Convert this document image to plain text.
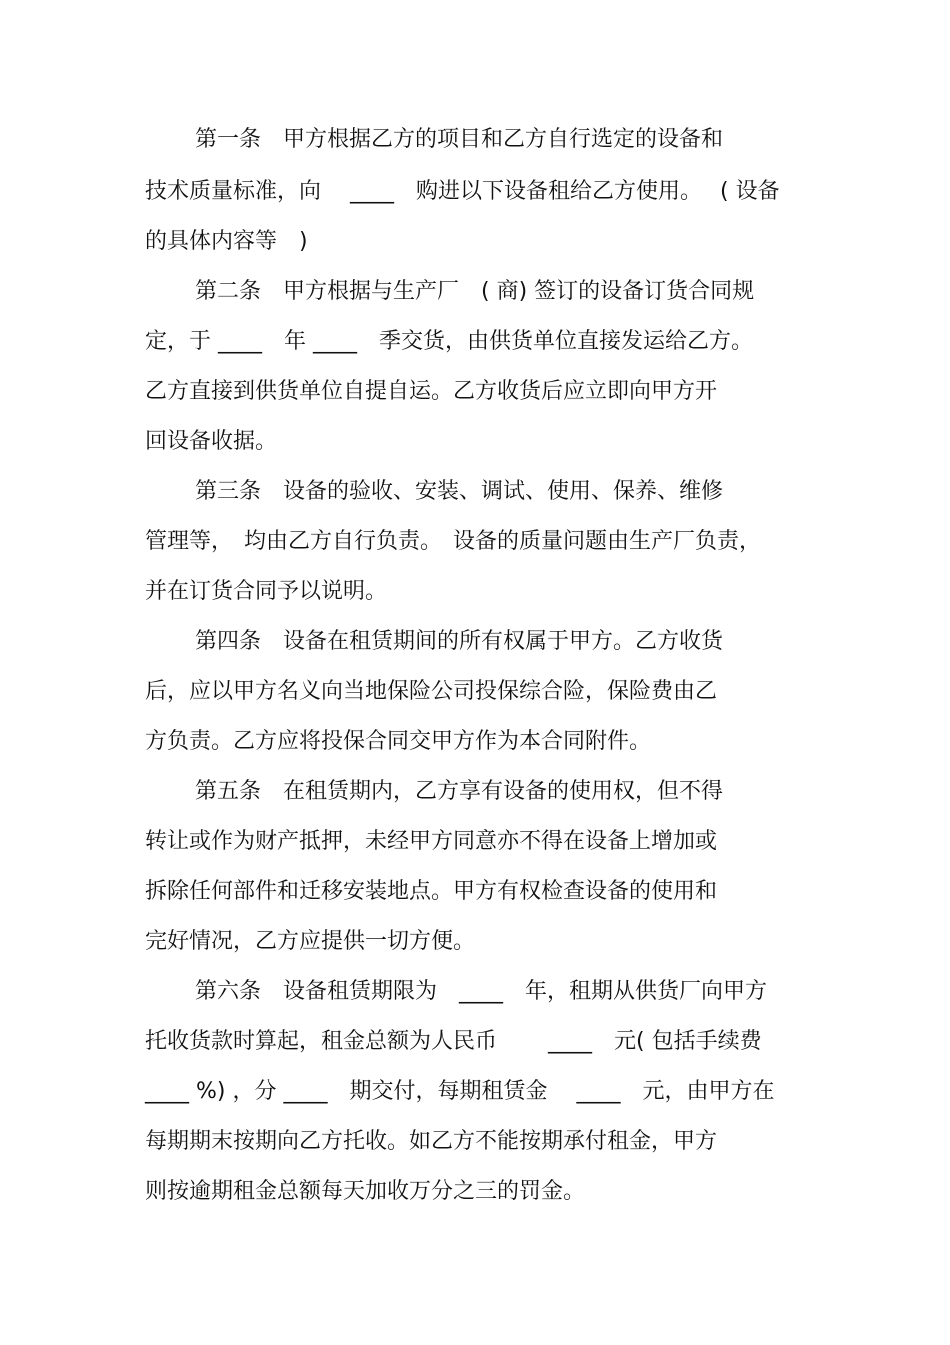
第一条　甲方根据乙方的项目和乙方自行选定的设备和
技术质量标准，向　 ____　购进以下设备租给乙方使用。　 ( 设备
的具体内容等　)
第二条　甲方根据与生产厂　( 商) 签订的设备订货合同规
定，于 ____　年 ____　季交货，由供货单位直接发运给乙方。
乙方直接到供货单位自提自运。乙方收货后应立即向甲方开
回设备收据。
第三条　设备的验收、安装、调试、使用、保养、维修
管理等，　均由乙方自行负责。　设备的质量问题由生产厂负责，
并在订货合同予以说明。
第四条　设备在租赁期间的所有权属于甲方。乙方收货
后，应以甲方名义向当地保险公司投保综合险，保险费由乙
方负责。乙方应将投保合同交甲方作为本合同附件。
第五条　在租赁期内，乙方享有设备的使用权，但不得
转让或作为财产抵押，未经甲方同意亦不得在设备上增加或
拆除任何部件和迁移安装地点。甲方有权检查设备的使用和
完好情况，乙方应提供一切方便。
第六条　设备租赁期限为　____　年，租期从供货厂向甲方
托收货款时算起，租金总额为人民币　　 ____　元( 包括手续费
____ %) ，分 ____　期交付，每期租赁金　 ____　元，由甲方在
每期期末按期向乙方托收。如乙方不能按期承付租金，甲方
则按逾期租金总额每天加收万分之三的罚金。
